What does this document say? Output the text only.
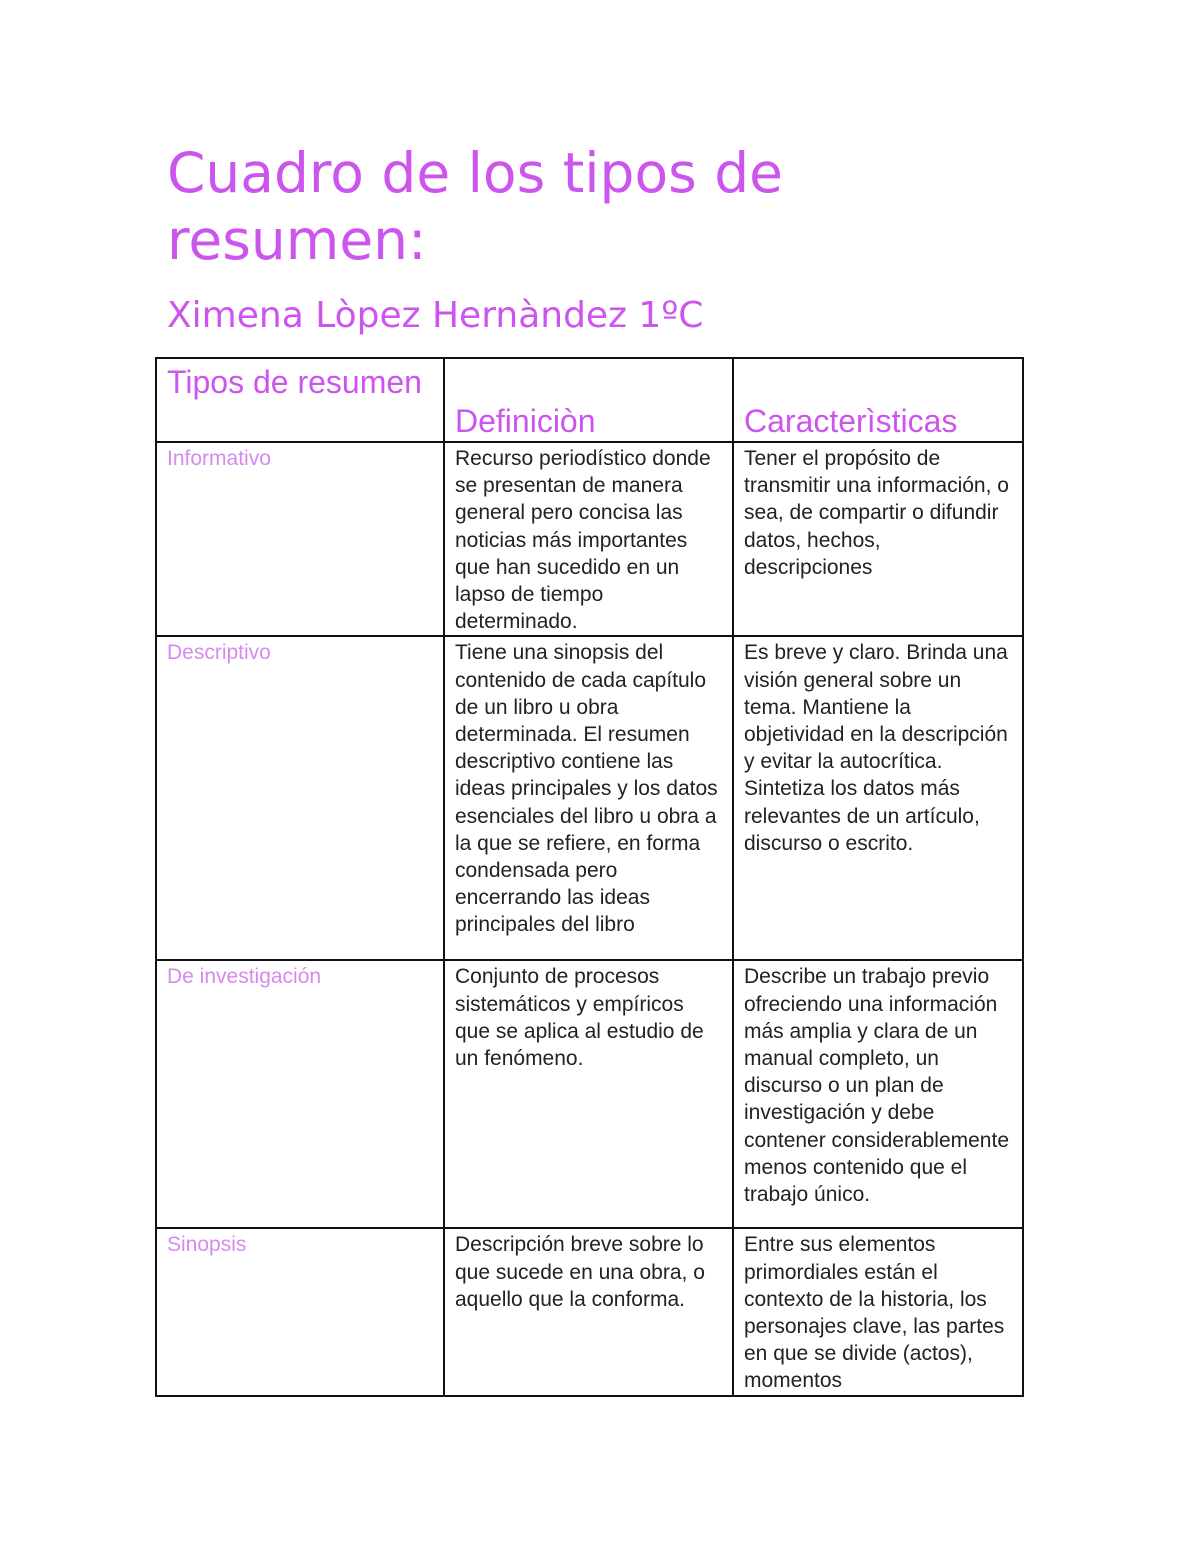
Cuadro de los tipos de resumen:
Ximena Lòpez Hernàndez 1ºC
Tipos de resumen	Definiciòn	Caracterìsticas
Informativo	Recurso periodístico donde se presentan de manera general pero concisa las noticias más importantes que han sucedido en un lapso de tiempo determinado.	Tener el propósito de transmitir una información, o sea, de compartir o difundir datos, hechos, descripciones
Descriptivo	Tiene una sinopsis del contenido de cada capítulo de un libro u obra determinada. El resumen descriptivo contiene las ideas principales y los datos esenciales del libro u obra a la que se refiere, en forma condensada pero encerrando las ideas principales del libro	Es breve y claro. Brinda una visión general sobre un tema. Mantiene la objetividad en la descripción y evitar la autocrítica. Sintetiza los datos más relevantes de un artículo, discurso o escrito.
De investigación	Conjunto de procesos sistemáticos y empíricos que se aplica al estudio de un fenómeno.	Describe un trabajo previo ofreciendo una información más amplia y clara de un manual completo, un discurso o un plan de investigación y debe contener considerablemente menos contenido que el trabajo único.
Sinopsis	Descripción breve sobre lo que sucede en una obra, o aquello que la conforma.	Entre sus elementos primordiales están el contexto de la historia, los personajes clave, las partes en que se divide (actos), momentos
